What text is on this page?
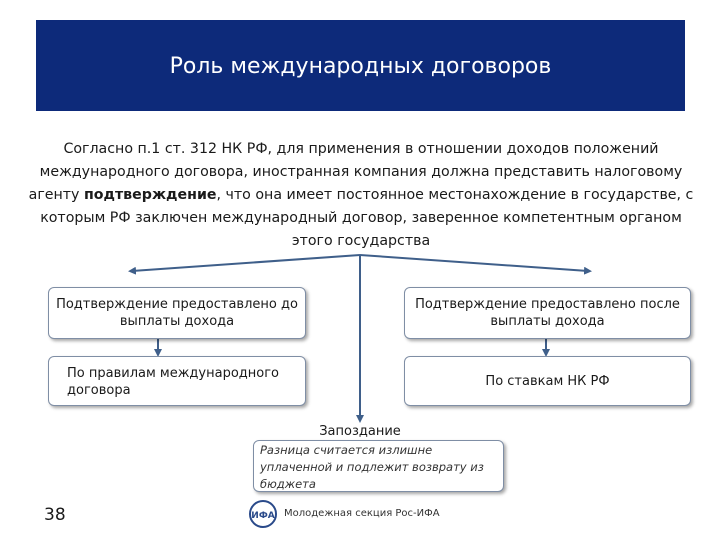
Роль международных договоров
Согласно п.1 ст. 312 НК РФ, для применения в отношении доходов положений международного договора, иностранная компания должна представить налоговому агенту подтверждение, что она имеет постоянное местонахождение в государстве, с которым РФ заключен международный договор, заверенное компетентным органом этого государства
Подтверждение предоставлено до выплаты дохода
Подтверждение предоставлено после выплаты дохода
По правилам международного
договора
По ставкам НК РФ
Запоздание
Разница считается излишне уплаченной и подлежит возврату из бюджета
38	ИФА Молодежная секция Рос-ИФА
